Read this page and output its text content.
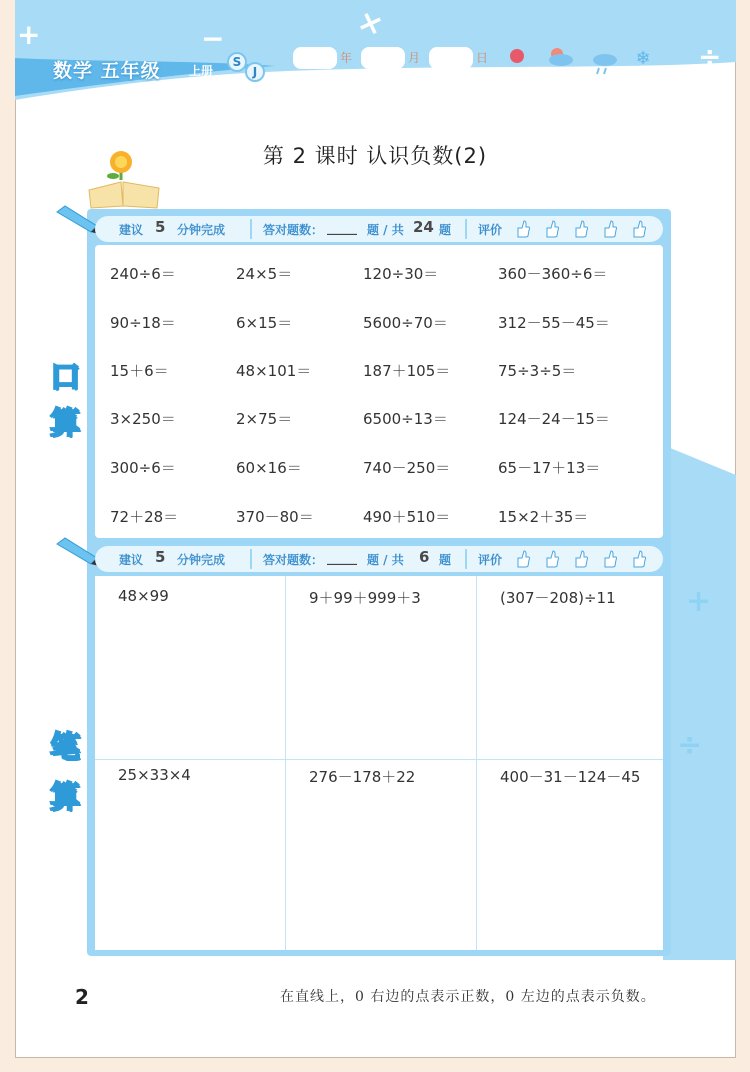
+	−	×
÷
数学 五年级 上册
S
J
年	月	日	❄
第 2 课时 认识负数(2)
+
÷
建议 5 分钟完成	答对题数： _____ 题 / 共 24 题 评价
口
算
240÷6＝	24×5＝	120÷30＝	360－360÷6＝
90÷18＝	6×15＝	5600÷70＝	312－55－45＝
15＋6＝	48×101＝	187＋105＝	75÷3÷5＝
3×250＝	2×75＝	6500÷13＝	124－24－15＝
300÷6＝	60×16＝	740－250＝	65－17＋13＝
72＋28＝	370－80＝	490＋510＝	15×2＋35＝
建议 5 分钟完成	答对题数： _____ 题 / 共 6 题 评价
笔
算
48×99	9＋99＋999＋3	(307－208)÷11
25×33×4	276－178＋22	400－31－124－45
2	在直线上，0 右边的点表示正数，0 左边的点表示负数。
